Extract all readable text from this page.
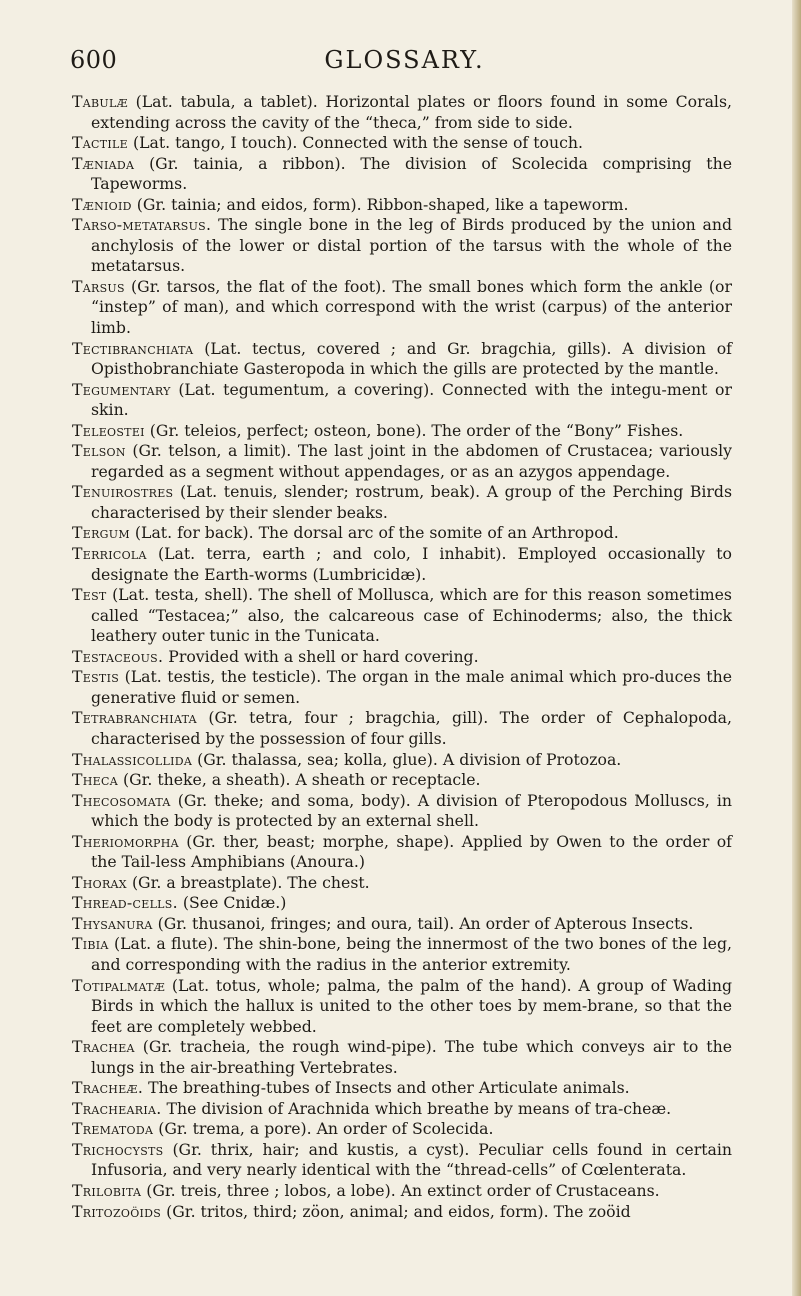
600	GLOSSARY.

Tabulæ (Lat. tabula, a tablet). Horizontal plates or floors found in some Corals, extending across the cavity of the “theca,” from side to side.

Tactile (Lat. tango, I touch). Connected with the sense of touch.

Tæniada (Gr. tainia, a ribbon). The division of Scolecida comprising the Tapeworms.

Tænioid (Gr. tainia; and eidos, form). Ribbon-shaped, like a tapeworm.

Tarso-metatarsus. The single bone in the leg of Birds produced by the union and anchylosis of the lower or distal portion of the tarsus with the whole of the metatarsus.

Tarsus (Gr. tarsos, the flat of the foot). The small bones which form the ankle (or “instep” of man), and which correspond with the wrist (carpus) of the anterior limb.

Tectibranchiata (Lat. tectus, covered ; and Gr. bragchia, gills). A division of Opisthobranchiate Gasteropoda in which the gills are protected by the mantle.

Tegumentary (Lat. tegumentum, a covering). Connected with the integu-ment or skin.

Teleostei (Gr. teleios, perfect; osteon, bone). The order of the “Bony” Fishes.

Telson (Gr. telson, a limit). The last joint in the abdomen of Crustacea; variously regarded as a segment without appendages, or as an azygos appendage.

Tenuirostres (Lat. tenuis, slender; rostrum, beak). A group of the Perching Birds characterised by their slender beaks.

Tergum (Lat. for back). The dorsal arc of the somite of an Arthropod.

Terricola (Lat. terra, earth ; and colo, I inhabit). Employed occasionally to designate the Earth-worms (Lumbricidæ).

Test (Lat. testa, shell). The shell of Mollusca, which are for this reason sometimes called “Testacea;” also, the calcareous case of Echinoderms; also, the thick leathery outer tunic in the Tunicata.

Testaceous. Provided with a shell or hard covering.

Testis (Lat. testis, the testicle). The organ in the male animal which pro-duces the generative fluid or semen.

Tetrabranchiata (Gr. tetra, four ; bragchia, gill). The order of Cephalopoda, characterised by the possession of four gills.

Thalassicollida (Gr. thalassa, sea; kolla, glue). A division of Protozoa.

Theca (Gr. theke, a sheath). A sheath or receptacle.

Thecosomata (Gr. theke; and soma, body). A division of Pteropodous Molluscs, in which the body is protected by an external shell.

Theriomorpha (Gr. ther, beast; morphe, shape). Applied by Owen to the order of the Tail-less Amphibians (Anoura.)

Thorax (Gr. a breastplate). The chest.

Thread-cells. (See Cnidæ.)

Thysanura (Gr. thusanoi, fringes; and oura, tail). An order of Apterous Insects.

Tibia (Lat. a flute). The shin-bone, being the innermost of the two bones of the leg, and corresponding with the radius in the anterior extremity.

Totipalmatæ (Lat. totus, whole; palma, the palm of the hand). A group of Wading Birds in which the hallux is united to the other toes by mem-brane, so that the feet are completely webbed.

Trachea (Gr. tracheia, the rough wind-pipe). The tube which conveys air to the lungs in the air-breathing Vertebrates.

Tracheæ. The breathing-tubes of Insects and other Articulate animals.

Trachearia. The division of Arachnida which breathe by means of tra-cheæ.

Trematoda (Gr. trema, a pore). An order of Scolecida.

Trichocysts (Gr. thrix, hair; and kustis, a cyst). Peculiar cells found in certain Infusoria, and very nearly identical with the “thread-cells” of Cœlenterata.

Trilobita (Gr. treis, three ; lobos, a lobe). An extinct order of Crustaceans.

Tritozoöids (Gr. tritos, third; zöon, animal; and eidos, form). The zoöid
